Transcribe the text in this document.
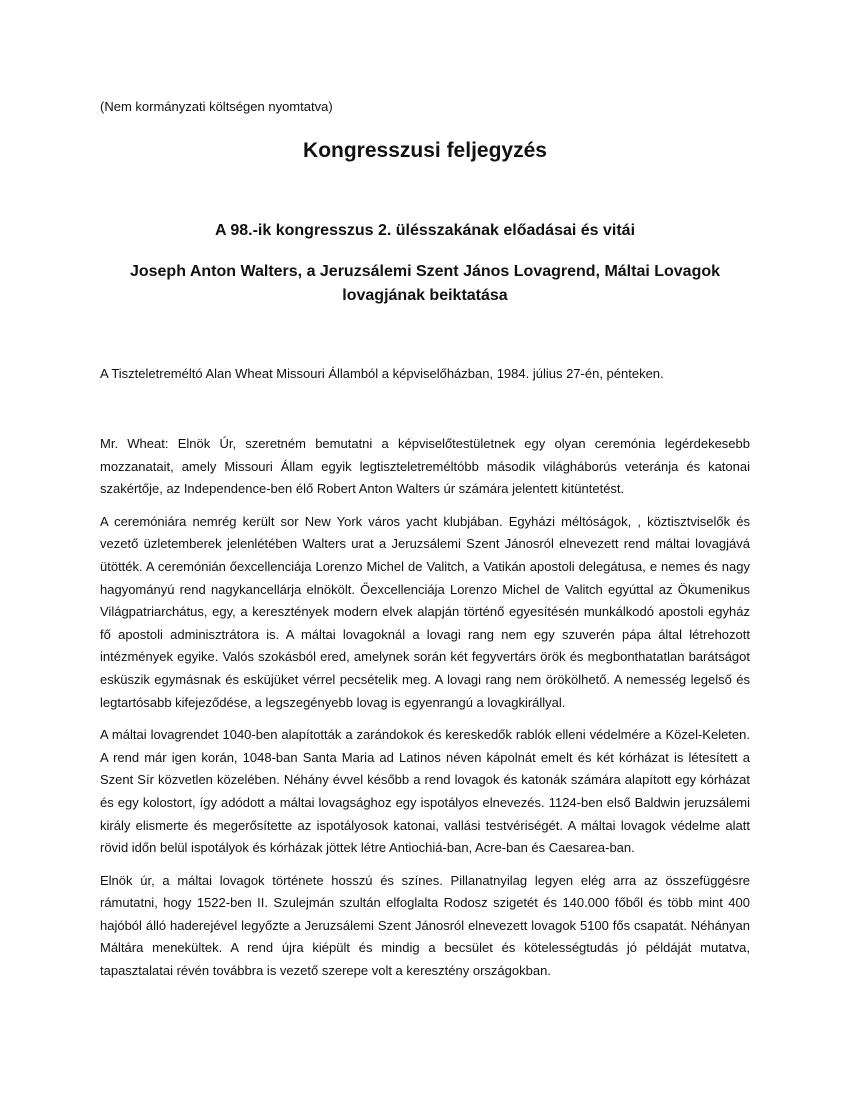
(Nem kormányzati költségen nyomtatva)
Kongresszusi feljegyzés
A 98.-ik kongresszus 2. ülésszakának előadásai és vitái
Joseph Anton Walters, a Jeruzsálemi Szent János Lovagrend, Máltai Lovagok lovagjának beiktatása

A Tiszteletreméltó Alan Wheat Missouri Államból a képviselőházban, 1984. július 27-én, pénteken.

Mr. Wheat: Elnök Úr, szeretném bemutatni a képviselőtestületnek egy olyan ceremónia legérdekesebb mozzanatait, amely Missouri Állam egyik legtiszteletreméltóbb második világháborús veteránja és katonai szakértője, az Independence-ben élő Robert Anton Walters úr számára jelentett kitüntetést.

A ceremóniára nemrég került sor New York város yacht klubjában. Egyházi méltóságok, , köztisztviselők és vezető üzletemberek jelenlétében Walters urat a Jeruzsálemi Szent Jánosról elnevezett rend máltai lovagjává ütötték. A ceremónián őexcellenciája Lorenzo Michel de Valitch, a Vatikán apostoli delegátusa, e nemes és nagy hagyományú rend nagykancellárja elnökölt. Őexcellenciája Lorenzo Michel de Valitch egyúttal az Ökumenikus Világpatriarchátus, egy, a keresztények modern elvek alapján történő egyesítésén munkálkodó apostoli egyház fő apostoli adminisztrátora is. A máltai lovagoknál a lovagi rang nem egy szuverén pápa által létrehozott intézmények egyike. Valós szokásból ered, amelynek során két fegyvertárs örök és megbonthatatlan barátságot esküszik egymásnak és esküjüket vérrel pecsételik meg. A lovagi rang nem örökölhető. A nemesség legelső és legtartósabb kifejeződése, a legszegényebb lovag is egyenrangú a lovagkirállyal.

A máltai lovagrendet 1040-ben alapították a zarándokok és kereskedők rablók elleni védelmére a Közel-Keleten. A rend már igen korán, 1048-ban Santa Maria ad Latinos néven kápolnát emelt és két kórházat is létesített a Szent Sír közvetlen közelében. Néhány évvel később a rend lovagok és katonák számára alapított egy kórházat és egy kolostort, így adódott a máltai lovagsághoz egy ispotályos elnevezés. 1124-ben első Baldwin jeruzsálemi király elismerte és megerősítette az ispotályosok katonai, vallási testvériségét. A máltai lovagok védelme alatt rövid időn belül ispotályok és kórházak jöttek létre Antiochiá-ban, Acre-ban és Caesarea-ban.

Elnök úr, a máltai lovagok története hosszú és színes. Pillanatnyilag legyen elég arra az összefüggésre rámutatni, hogy 1522-ben II. Szulejmán szultán elfoglalta Rodosz szigetét és 140.000 főből és több mint 400 hajóból álló haderejével legyőzte a Jeruzsálemi Szent Jánosról elnevezett lovagok 5100 fős csapatát. Néhányan Máltára menekültek. A rend újra kiépült és mindig a becsület és kötelességtudás jó példáját mutatva, tapasztalatai révén továbbra is vezető szerepe volt a keresztény országokban.
